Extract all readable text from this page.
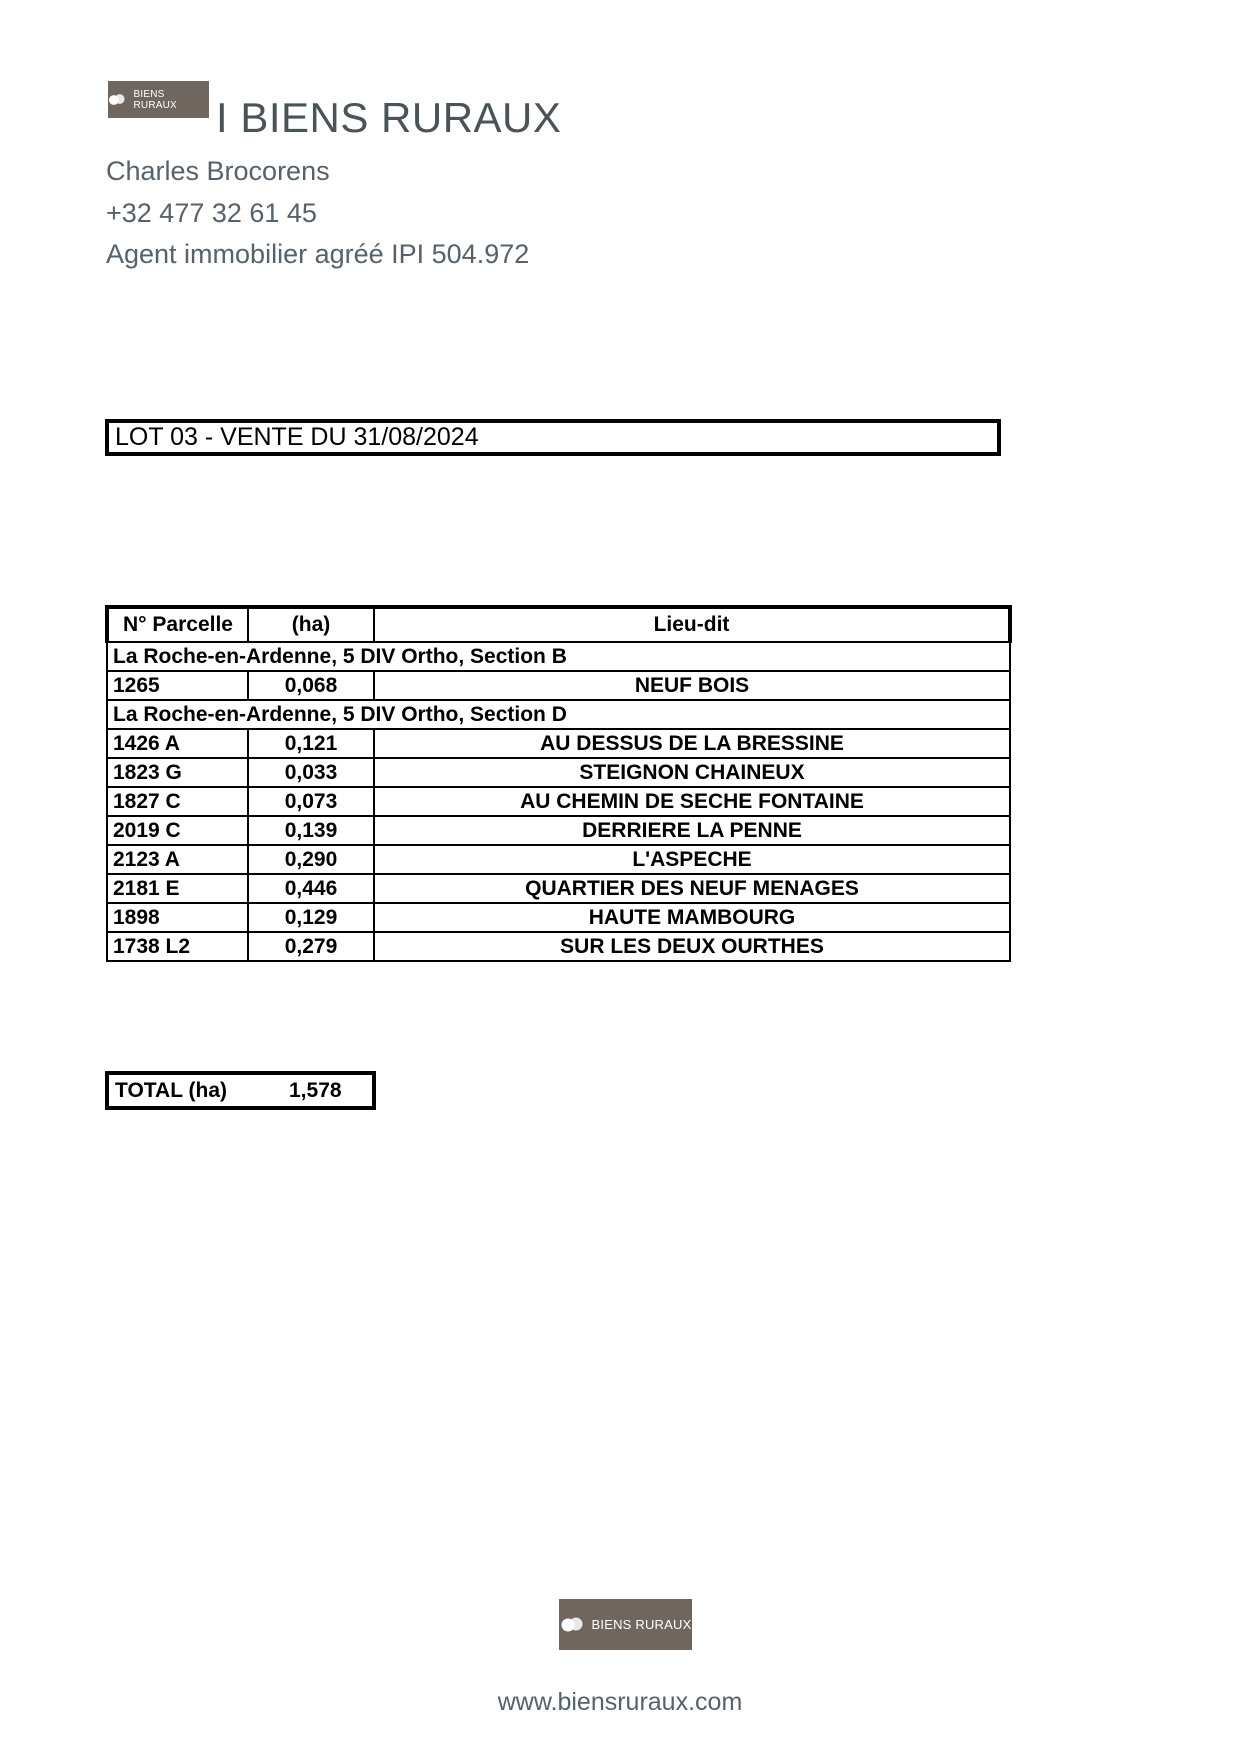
BIENS RURAUX I BIENS RURAUX
Charles Brocorens
+32 477 32 61 45
Agent immobilier agréé IPI 504.972
LOT 03 - VENTE DU 31/08/2024
N° Parcelle	(ha)	Lieu-dit
La Roche-en-Ardenne, 5 DIV Ortho, Section B		
1265	0,068	NEUF BOIS
La Roche-en-Ardenne, 5 DIV Ortho, Section D		
1426 A	0,121	AU DESSUS DE LA BRESSINE
1823 G	0,033	STEIGNON CHAINEUX
1827 C	0,073	AU CHEMIN DE SECHE FONTAINE
2019 C	0,139	DERRIERE LA PENNE
2123 A	0,290	L'ASPECHE
2181 E	0,446	QUARTIER DES NEUF MENAGES
1898	0,129	HAUTE MAMBOURG
1738 L2	0,279	SUR LES DEUX OURTHES
TOTAL (ha)	1,578
BIENS RURAUX
www.biensruraux.com
